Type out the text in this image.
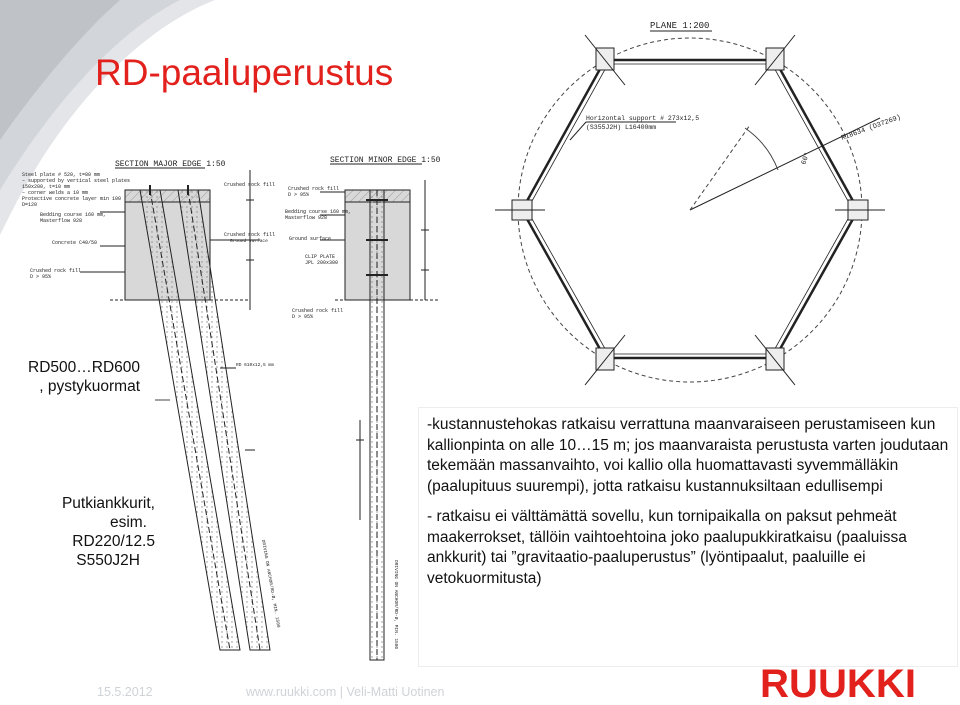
RD-paaluperustus
SECTION MAJOR EDGE 1:50
Steel plate # 520, t=80 mm
– supported by vertical steel plates
150x200, t=10 mm
– corner welds a 10 mm
Protective concrete layer min 100
D=120
Bedding course 160 mm,
Masterflow 928
Concrete C40/50
Crushed rock fill
D > 95%
Crushed rock fill
Crushed rock fill
Ground surface
RD 610x12,5 mm
DRIVING ON ANCHOR/RD-Ø, MIN. 1500
SECTION MINOR EDGE 1:50
Crushed rock fill
D > 95%
Bedding course 160 mm,
Masterflow 928
Ground surface
CLIP PLATE
JPL 200x300
Crushed rock fill
D > 95%
DRIVING ON ANCHOR/RD-Ø, MIN. 1500
PLANE 1:200
60°
R18634 (D37269)
Horizontal support # 273x12,5
(S355J2H) L16400mm
RD500…RD600
, pystykuormat
Putkiankkurit,
esim.
RD220/12.5
S550J2H

-kustannustehokas ratkaisu verrattuna maanvaraiseen perustamiseen kun kallionpinta on alle 10…15 m; jos maanvaraista perustusta varten joudutaan tekemään massanvaihto, voi kallio olla huomattavasti syvemmälläkin (paalupituus suurempi), jotta ratkaisu kustannuksiltaan edullisempi

- ratkaisu ei välttämättä sovellu, kun tornipaikalla on paksut pehmeät maakerrokset, tällöin vaihtoehtoina joko paalupukkiratkaisu (paaluissa ankkurit) tai ”gravitaatio-paaluperustus” (lyöntipaalut, paaluille ei vetokuormitusta)

15.5.2012	www.ruukki.com | Veli-Matti Uotinen	RUUKKI
